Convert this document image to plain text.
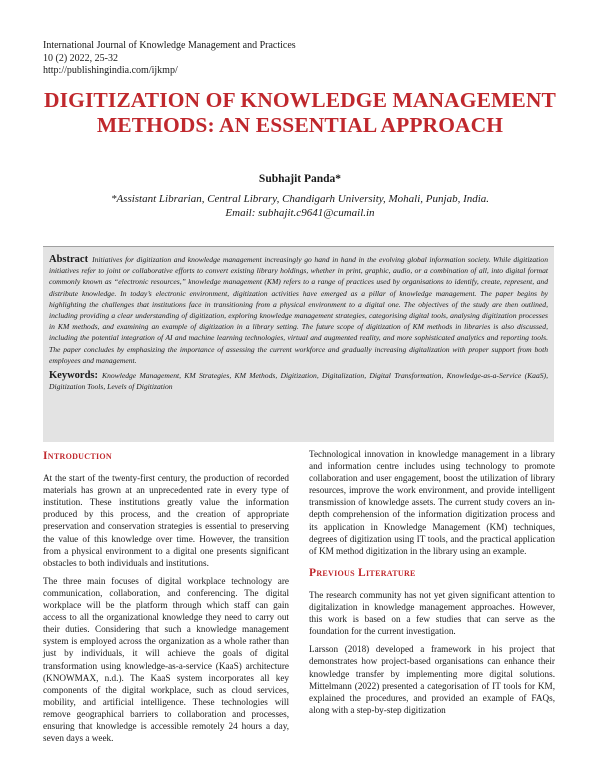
International Journal of Knowledge Management and Practices
10 (2) 2022, 25-32
http://publishingindia.com/ijkmp/
DIGITIZATION OF KNOWLEDGE MANAGEMENT METHODS: AN ESSENTIAL APPROACH
Subhajit Panda*
*Assistant Librarian, Central Library, Chandigarh University, Mohali, Punjab, India.
Email: subhajit.c9641@cumail.in
Abstract Initiatives for digitization and knowledge management increasingly go hand in hand in the evolving global information society. While digitization initiatives refer to joint or collaborative efforts to convert existing library holdings, whether in print, graphic, audio, or a combination of all, into digital format commonly known as “electronic resources,” knowledge management (KM) refers to a range of practices used by organisations to identify, create, represent, and distribute knowledge. In today’s electronic environment, digitization activities have emerged as a pillar of knowledge management. The paper begins by highlighting the challenges that institutions face in transitioning from a physical environment to a digital one. The objectives of the study are then outlined, including providing a clear understanding of digitization, exploring knowledge management strategies, categorising digital tools, analysing digitization processes in KM methods, and examining an example of digitization in a library setting. The future scope of digitization of KM methods in libraries is also discussed, including the potential integration of AI and machine learning technologies, virtual and augmented reality, and more sophisticated analytics and reporting tools. The paper concludes by emphasizing the importance of assessing the current workforce and gradually increasing digitalization with proper support from both employees and management.
Keywords: Knowledge Management, KM Strategies, KM Methods, Digitization, Digitalization, Digital Transformation, Knowledge-as-a-Service (KaaS), Digitization Tools, Levels of Digitization
Introduction

At the start of the twenty-first century, the production of recorded materials has grown at an unprecedented rate in every type of institution. These institutions greatly value the information produced by this process, and the creation of appropriate preservation and conservation strategies is essential to preserving the value of this knowledge over time. However, the transition from a physical environment to a digital one presents significant obstacles to both individuals and institutions.

The three main focuses of digital workplace technology are communication, collaboration, and conferencing. The digital workplace will be the platform through which staff can gain access to all the organizational knowledge they need to carry out their duties. Considering that such a knowledge management system is employed across the organization as a whole rather than just by individuals, it will achieve the goals of digital transformation using knowledge-as-a-service (KaaS) architecture (KNOWMAX, n.d.). The KaaS system incorporates all key components of the digital workplace, such as cloud services, mobility, and artificial intelligence. These technologies will remove geographical barriers to collaboration and processes, ensuring that knowledge is accessible remotely 24 hours a day, seven days a week.

Technological innovation in knowledge management in a library and information centre includes using technology to promote collaboration and user engagement, boost the utilization of library resources, improve the work environment, and provide intelligent transmission of knowledge assets. The current study covers an in-depth comprehension of the information digitization process and its application in Knowledge Management (KM) techniques, degrees of digitization using IT tools, and the practical application of KM method digitization in the library using an example.

Previous Literature

The research community has not yet given significant attention to digitalization in knowledge management approaches. However, this work is based on a few studies that can serve as the foundation for the current investigation.

Larsson (2018) developed a framework in his project that demonstrates how project-based organisations can enhance their knowledge transfer by implementing more digital solutions. Mittelmann (2022) presented a categorisation of IT tools for KM, explained the procedures, and provided an example of FAQs, along with a step-by-step digitization
